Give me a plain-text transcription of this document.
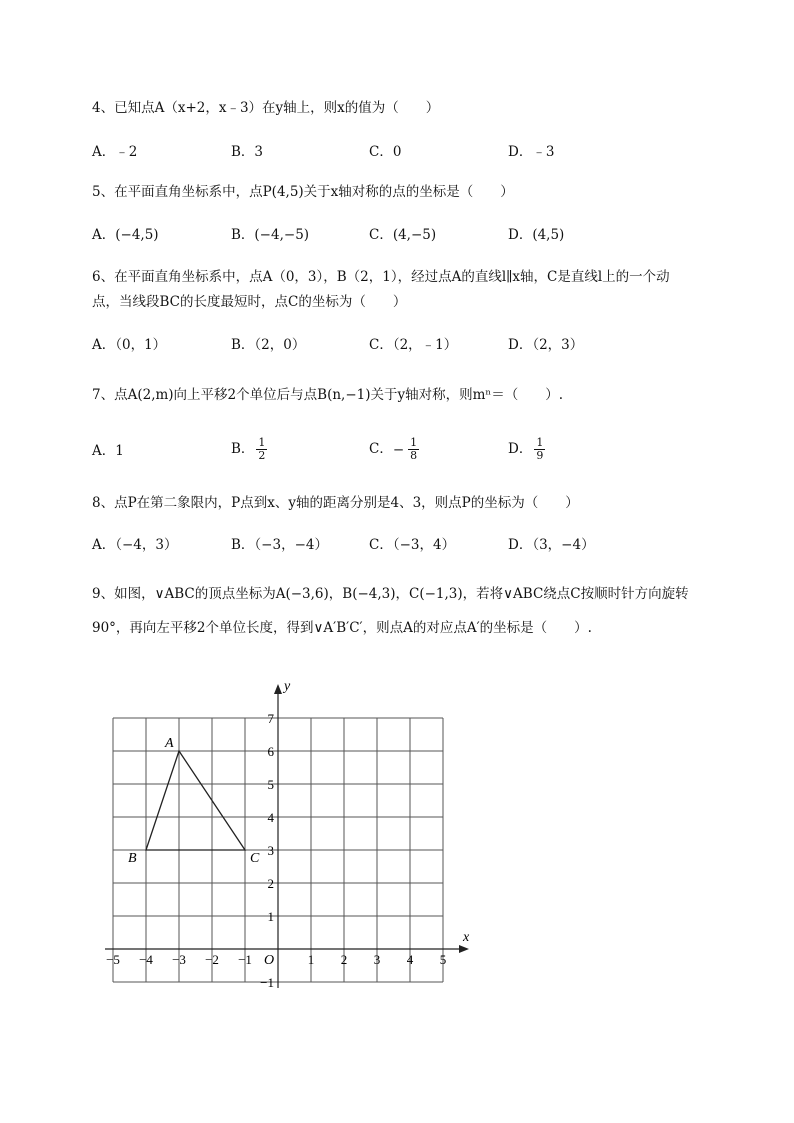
4、已知点A（x+2，x﹣3）在y轴上，则x的值为（　　）
A．﹣2	B．3	C．0	D．﹣3
5、在平面直角坐标系中，点P(4,5)关于x轴对称的点的坐标是（　　）
A．(−4,5)	B．(−4,−5)	C．(4,−5)	D．(4,5)
6、在平面直角坐标系中，点A（0，3），B（2，1），经过点A的直线l∥x轴，C是直线l上的一个动
点，当线段BC的长度最短时，点C的坐标为（　　）
A．（0，1）	B．（2，0）	C．（2，﹣1）	D．（2，3）
7、点A(2,m)向上平移2个单位后与点B(n,−1)关于y轴对称，则mⁿ＝（　　）.
A．1	B． $\frac{1}{2}$	C．− $\frac{1}{8}$	D． $\frac{1}{9}$
8、点P在第二象限内，P点到x、y轴的距离分别是4、3，则点P的坐标为（　　）
A．（−4，3）	B．（−3，−4）	C．（−3，4）	D．（3，−4）
9、如图，∨ABC的顶点坐标为A(−3,6)，B(−4,3)，C(−1,3)，若将∨ABC绕点C按顺时针方向旋转
90°，再向左平移2个单位长度，得到∨A′B′C′，则点A的对应点A′的坐标是（　　）.
x
y
O
−5 −4 −3 −2 −1	1 2 3 4 5
7
6
5
4
3
2
1
−1
A
B	C
